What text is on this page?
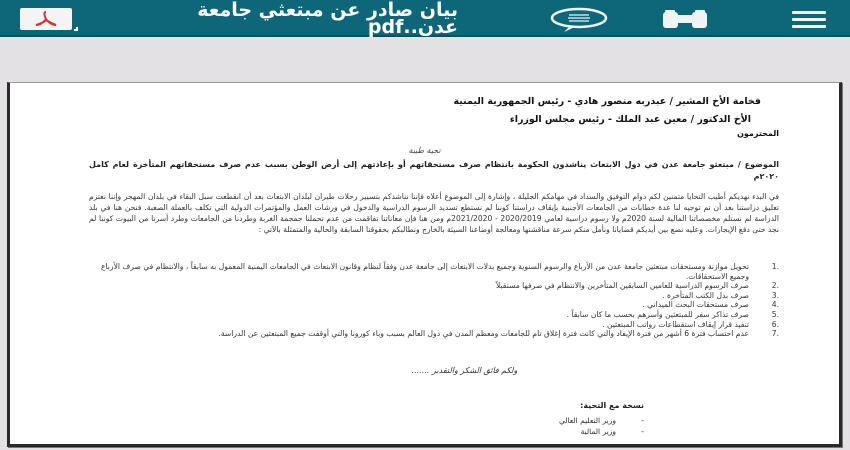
بيان صادر عن مبتعثي جامعة
عدن..pdf
فخامة الأخ المشير / عبدربه منصور هادي - رئيس الجمهورية اليمنية
الأخ الدكتور / معين عبد الملك - رئيس مجلس الوزراء
المحترمون
تحية طيبة
الموضوع / مبتعثو جامعة عدن في دول الابتعاث يناشدون الحكومة بانتظام صرف مستحقاتهم أو بإعادتهم إلى أرض الوطن بسبب عدم صرف مستحقاتهم المتأخرة لعام كامل ٢٠٢٠م
في البدء نهديكم أطيب التحايا متمنين لكم دوام التوفيق والسداد في مهامكم الجليلة ، وإشارة إلى الموضوع أعلاه فإننا نناشدكم بتسيير رحلات طيران لبلدان الابتعاث بعد أن انقطعت سبل البقاء في بلدان المهجر وإننا نعتزم تعليق دراستنا بعد أن تم توجيه لنا عدة خطابات من الجامعات الأجنبية بإيقاف دراستنا كوننا لم نستطع تسديد الرسوم الدراسية والدخول في ورشات العمل والمؤتمرات الدولية التي تكلف بالعملة الصعبة. فنحن هنا في بلد الدراسة لم نستلم مخصصاتنا المالية لسنة 2020م ولا رسوم دراسية لعامي 2020/2019 - 2021/2020م ومن هنا فإن معاناتنا تفاقمت من عدم تحملنا جمجمة الغربة وطردنا من الجامعات وطرد أسرنا من البيوت كوننا لم نجد حتى دفع الإيجارات. وعليه نضع بين أيديكم قضايانا ونأمل منكم سرعة مناقشتها ومعالجة أوضاعنا السيئة بالخارج ونطالبكم بحقوقنا السابقة والحالية والمتمثلة بالآتي :
1.
تحويل موازنة ومستحقات مبتعثين جامعة عدن من الأرباع والرسوم السنوية وجميع بدلات الابتعاث إلى جامعة عدن وفقاً لنظام وقانون الابتعاث في الجامعات اليمنية المعمول به سابقاً ، والانتظام في صرف الأرباع وجميع الاستحقاقات.
2.
صرف الرسوم الدراسية للعامين السابقين المتأخرين والانتظام في صرفها مستقبلاً
3.
صرف بدل الكتب المتأخرة .
4.
صرف مستحقات البحث الميداني .
5.
صرف تذاكر سفر للمبتعثين وأسرهم بحسب ما كان سابقاً .
6.
تنفيذ قرار إيقاف استقطاعات رواتب المبتعثين .
7.
عدم احتساب فترة 6 أشهر من فترة الإيفاد والتي كانت فترة إغلاق تام للجامعات ومعظم المدن في دول العالم بسبب وباء كورونا والتي أوقفت جميع المبتعثين عن الدراسة.
ولكم فائق الشكر والتقدير .......
نسخة مع التحية:
-
وزير التعليم العالي
-
وزير المالية
